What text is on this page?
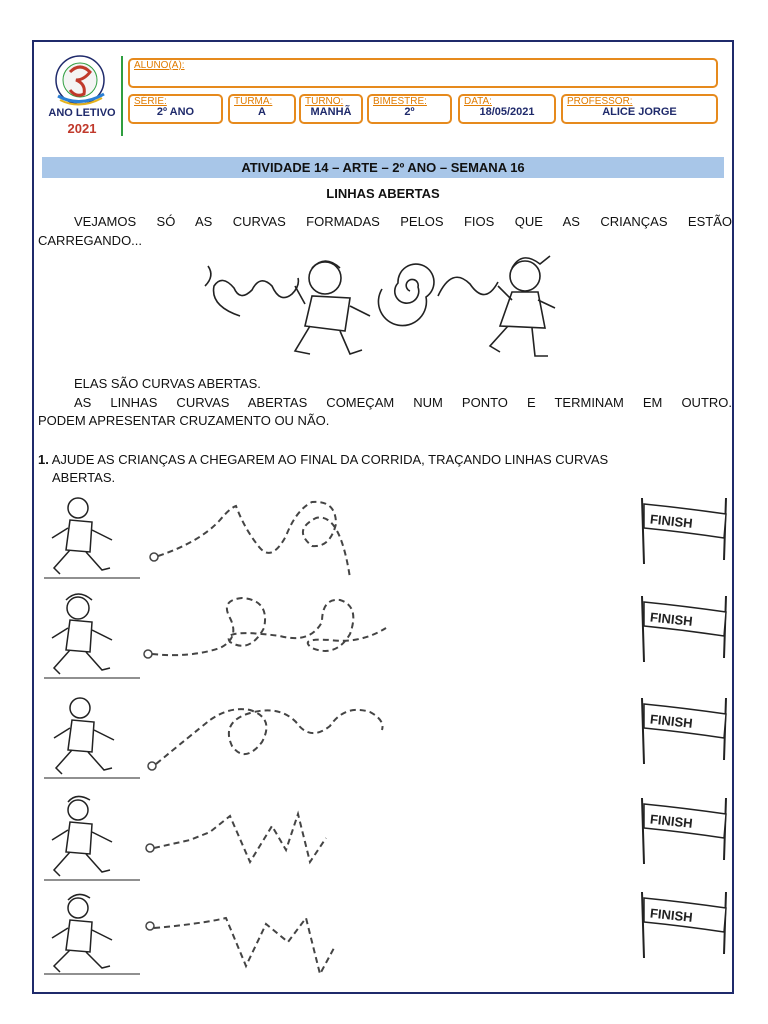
ANO LETIVO
2021
ALUNO(A):
SÉRIE:
2º ANO
TURMA:
A
TURNO:
MANHÃ
BIMESTRE:
2º
DATA:
18/05/2021
PROFESSOR:
ALICE JORGE
ATIVIDADE 14 – ARTE – 2º ANO – SEMANA 16
LINHAS ABERTAS
VEJAMOS SÓ AS CURVAS FORMADAS PELOS FIOS QUE AS CRIANÇAS ESTÃO
CARREGANDO...
ELAS SÃO CURVAS ABERTAS.
AS LINHAS CURVAS ABERTAS COMEÇAM NUM PONTO E TERMINAM EM OUTRO.
PODEM APRESENTAR CRUZAMENTO OU NÃO.
1. AJUDE AS CRIANÇAS A CHEGAREM AO FINAL DA CORRIDA, TRAÇANDO LINHAS CURVAS
ABERTAS.
FINISH
FINISH
FINISH
FINISH
FINISH
